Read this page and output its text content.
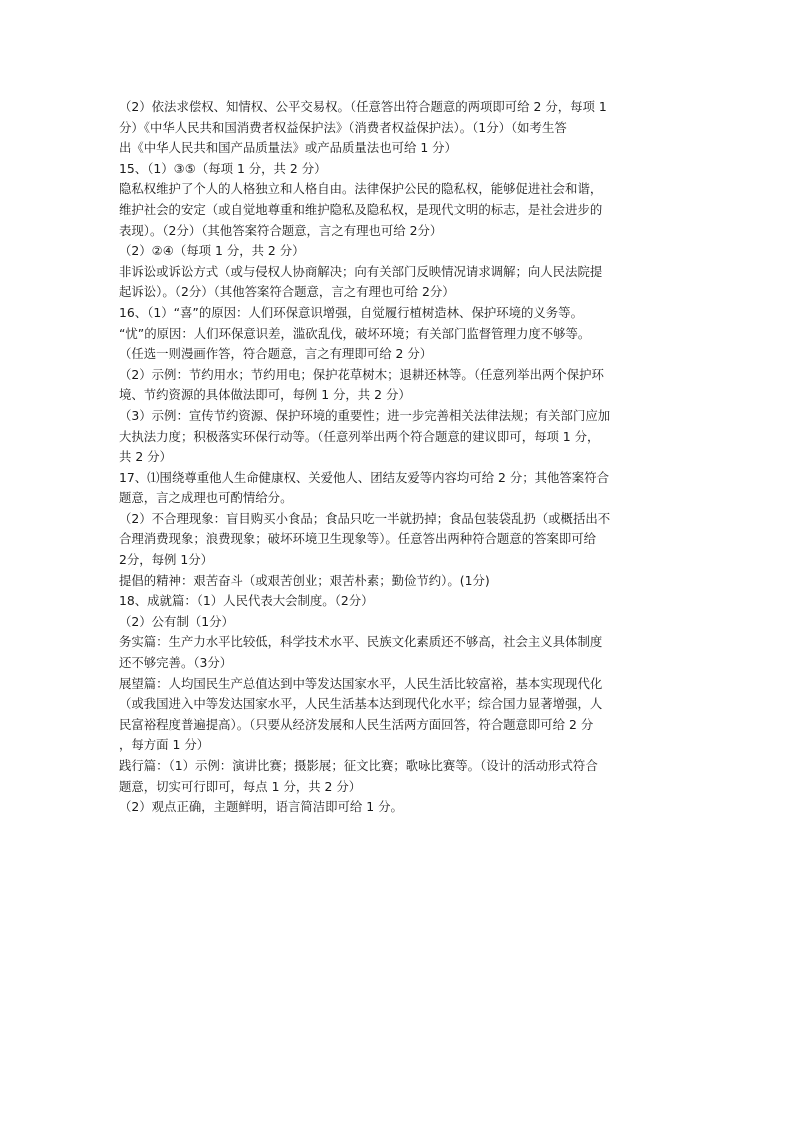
（2）依法求偿权、知情权、公平交易权。（任意答出符合题意的两项即可给 2 分，每项 1
分）《中华人民共和国消费者权益保护法》（消费者权益保护法）。（1分）（如考生答
出《中华人民共和国产品质量法》或产品质量法也可给 1 分）
15、（1）③⑤（每项 1 分，共 2 分）
隐私权维护了个人的人格独立和人格自由。法律保护公民的隐私权，能够促进社会和谐，
维护社会的安定（或自觉地尊重和维护隐私及隐私权，是现代文明的标志，是社会进步的
表现）。（2分）（其他答案符合题意，言之有理也可给 2分）
（2）②④（每项 1 分，共 2 分）
非诉讼或诉讼方式（或与侵权人协商解决；向有关部门反映情况请求调解；向人民法院提
起诉讼）。（2分）（其他答案符合题意，言之有理也可给 2分）
16、（1）“喜”的原因：人们环保意识增强，自觉履行植树造林、保护环境的义务等。
“忧”的原因：人们环保意识差，滥砍乱伐，破坏环境；有关部门监督管理力度不够等。
（任选一则漫画作答，符合题意，言之有理即可给 2 分）
（2）示例：节约用水；节约用电；保护花草树木；退耕还林等。（任意列举出两个保护环
境、节约资源的具体做法即可，每例 1 分，共 2 分）
（3）示例：宣传节约资源、保护环境的重要性；进一步完善相关法律法规；有关部门应加
大执法力度；积极落实环保行动等。（任意列举出两个符合题意的建议即可，每项 1 分，
共 2 分）
17、⑴围绕尊重他人生命健康权、关爱他人、团结友爱等内容均可给 2 分；其他答案符合
题意，言之成理也可酌情给分。
（2）不合理现象：盲目购买小食品；食品只吃一半就扔掉；食品包装袋乱扔（或概括出不
合理消费现象；浪费现象；破坏环境卫生现象等）。任意答出两种符合题意的答案即可给
2分，每例 1分）
提倡的精神：艰苦奋斗（或艰苦创业；艰苦朴素；勤俭节约）。(1分)
18、成就篇：（1）人民代表大会制度。（2分）
（2）公有制（1分）
务实篇：生产力水平比较低，科学技术水平、民族文化素质还不够高，社会主义具体制度
还不够完善。（3分）
展望篇：人均国民生产总值达到中等发达国家水平，人民生活比较富裕，基本实现现代化
（或我国进入中等发达国家水平，人民生活基本达到现代化水平；综合国力显著增强，人
民富裕程度普遍提高）。（只要从经济发展和人民生活两方面回答，符合题意即可给 2 分
，每方面 1 分）
践行篇：（1）示例：演讲比赛；摄影展；征文比赛；歌咏比赛等。（设计的活动形式符合
题意，切实可行即可，每点 1 分，共 2 分）
（2）观点正确，主题鲜明，语言简洁即可给 1 分。
